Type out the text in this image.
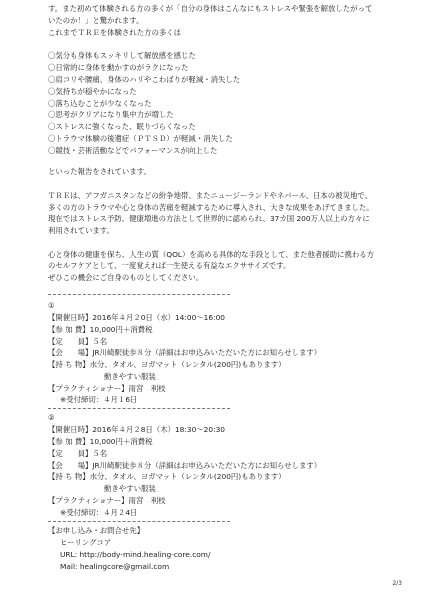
す。また初めて体験される方の多くが「自分の身体はこんなにもストレスや緊張を解放したがって
いたのか！」と驚かれます。
これまでＴＲＥを体験された方の多くは
〇気分も身体もスッキリして解放感を感じた
〇日常的に身体を動かすのがラクになった
〇肩コリや腰痛、身体のハリやこわばりが軽減・消失した
〇気持ちが穏やかになった
〇落ち込むことが少なくなった
〇思考がクリアになり集中力が増した
〇ストレスに強くなった、眠りづらくなった
〇トラウマ体験の後遺症（ＰＴＳＤ）が軽減・消失した
〇競技・芸術活動などでパフォーマンスが向上した
といった報告をされています。
ＴＲＥは、アフガニスタンなどの紛争地帯、またニュージーランドやネパール、日本の被災地で、
多くの方のトラウマや心と身体の苦痛を軽減するために導入され、大きな成果をあげてきました。
現在ではストレス予防、健康増進の方法として世界的に認められ、37カ国 200万人以上の方々に
利用されています。
心と身体の健康を保ち、人生の質（QOL）を高める具体的な手段として、また他者援助に携わる方
のセルフケアとして、一度覚えれば一生使える有益なエクササイズです。
ぜひこの機会にご自身のものとしてください。
①
【開催日時】2016年４月２0日（水）14:00～16:00
【参 加 費】10,000円＋消費税
【定　　員】５名
【会　　場】JR川崎駅徒歩８分（詳細はお申込みいただいた方にお知らせします）
【持 ち 物】水分、タオル、ヨガマット（レンタル(200円)もあります）
動きやすい服装
【プラクティショナー】雨宮　利枝
※受付締切：４月１6日
②
【開催日時】2016年４月２8日（木）18:30～20:30
【参 加 費】10,000円＋消費税
【定　　員】５名
【会　　場】JR川崎駅徒歩８分（詳細はお申込みいただいた方にお知らせします）
【持 ち 物】水分、タオル、ヨガマット（レンタル(200円)もあります）
動きやすい服装
【プラクティショナー】雨宮　利枝
※受付締切：４月２4日
【お申し込み・お問合せ先】
ヒーリングコア
URL: http://body-mind.healing-core.com/
Mail: healingcore@gmail.com
2/3
